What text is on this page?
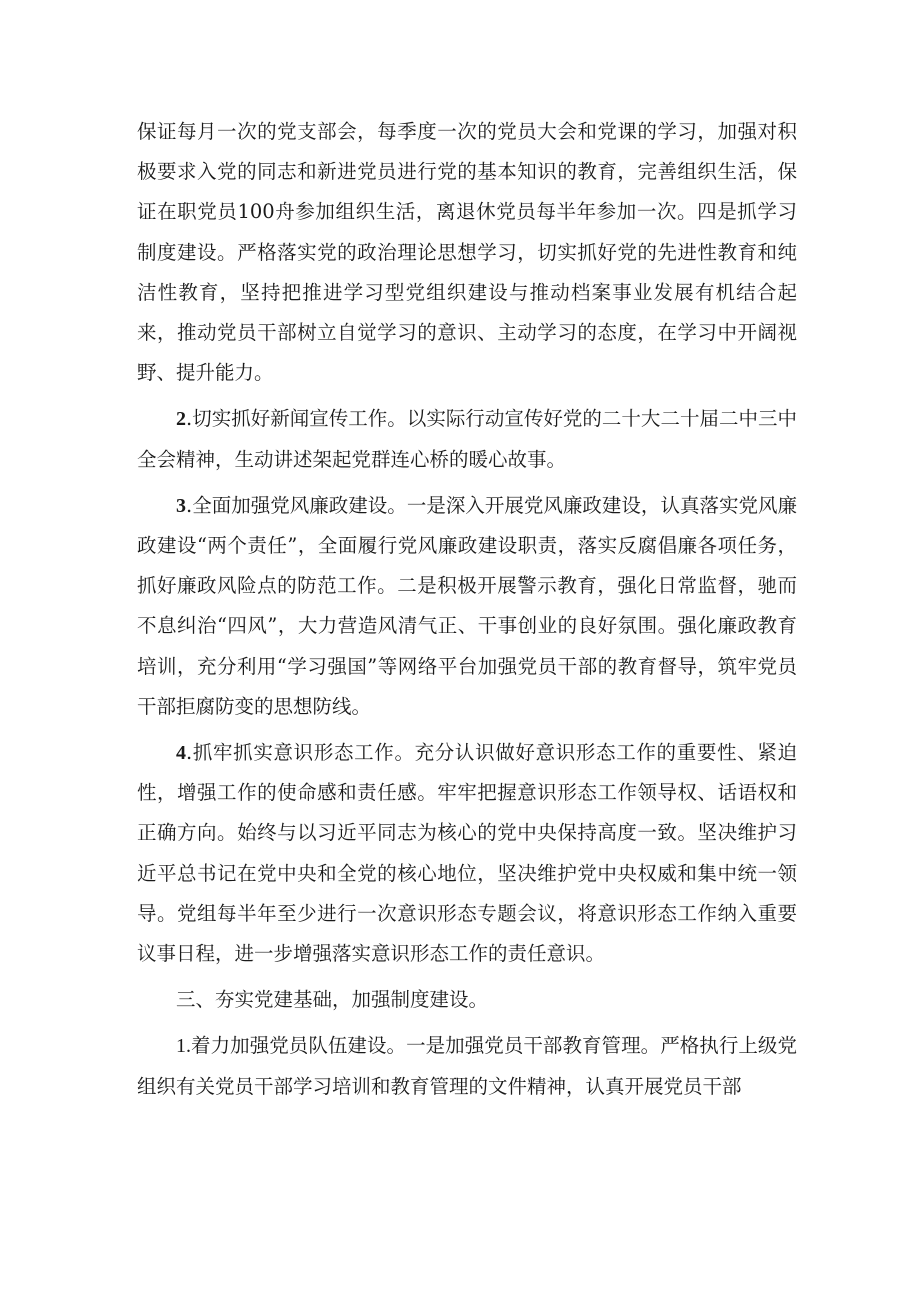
保证每月一次的党支部会，每季度一次的党员大会和党课的学习，加强对积极要求入党的同志和新进党员进行党的基本知识的教育，完善组织生活，保证在职党员100舟参加组织生活，离退休党员每半年参加一次。四是抓学习制度建设。严格落实党的政治理论思想学习，切实抓好党的先进性教育和纯洁性教育，坚持把推进学习型党组织建设与推动档案事业发展有机结合起来，推动党员干部树立自觉学习的意识、主动学习的态度，在学习中开阔视野、提升能力。

2.切实抓好新闻宣传工作。以实际行动宣传好党的二十大二十届二中三中全会精神，生动讲述架起党群连心桥的暖心故事。

3.全面加强党风廉政建设。一是深入开展党风廉政建设，认真落实党风廉政建设“两个责任”，全面履行党风廉政建设职责，落实反腐倡廉各项任务，抓好廉政风险点的防范工作。二是积极开展警示教育，强化日常监督，驰而不息纠治“四风”，大力营造风清气正、干事创业的良好氛围。强化廉政教育培训，充分利用“学习强国”等网络平台加强党员干部的教育督导，筑牢党员干部拒腐防变的思想防线。

4.抓牢抓实意识形态工作。充分认识做好意识形态工作的重要性、紧迫性，增强工作的使命感和责任感。牢牢把握意识形态工作领导权、话语权和正确方向。始终与以习近平同志为核心的党中央保持高度一致。坚决维护习近平总书记在党中央和全党的核心地位，坚决维护党中央权威和集中统一领导。党组每半年至少进行一次意识形态专题会议，将意识形态工作纳入重要议事日程，进一步增强落实意识形态工作的责任意识。

三、夯实党建基础，加强制度建设。

1.着力加强党员队伍建设。一是加强党员干部教育管理。严格执行上级党组织有关党员干部学习培训和教育管理的文件精神，认真开展党员干部
